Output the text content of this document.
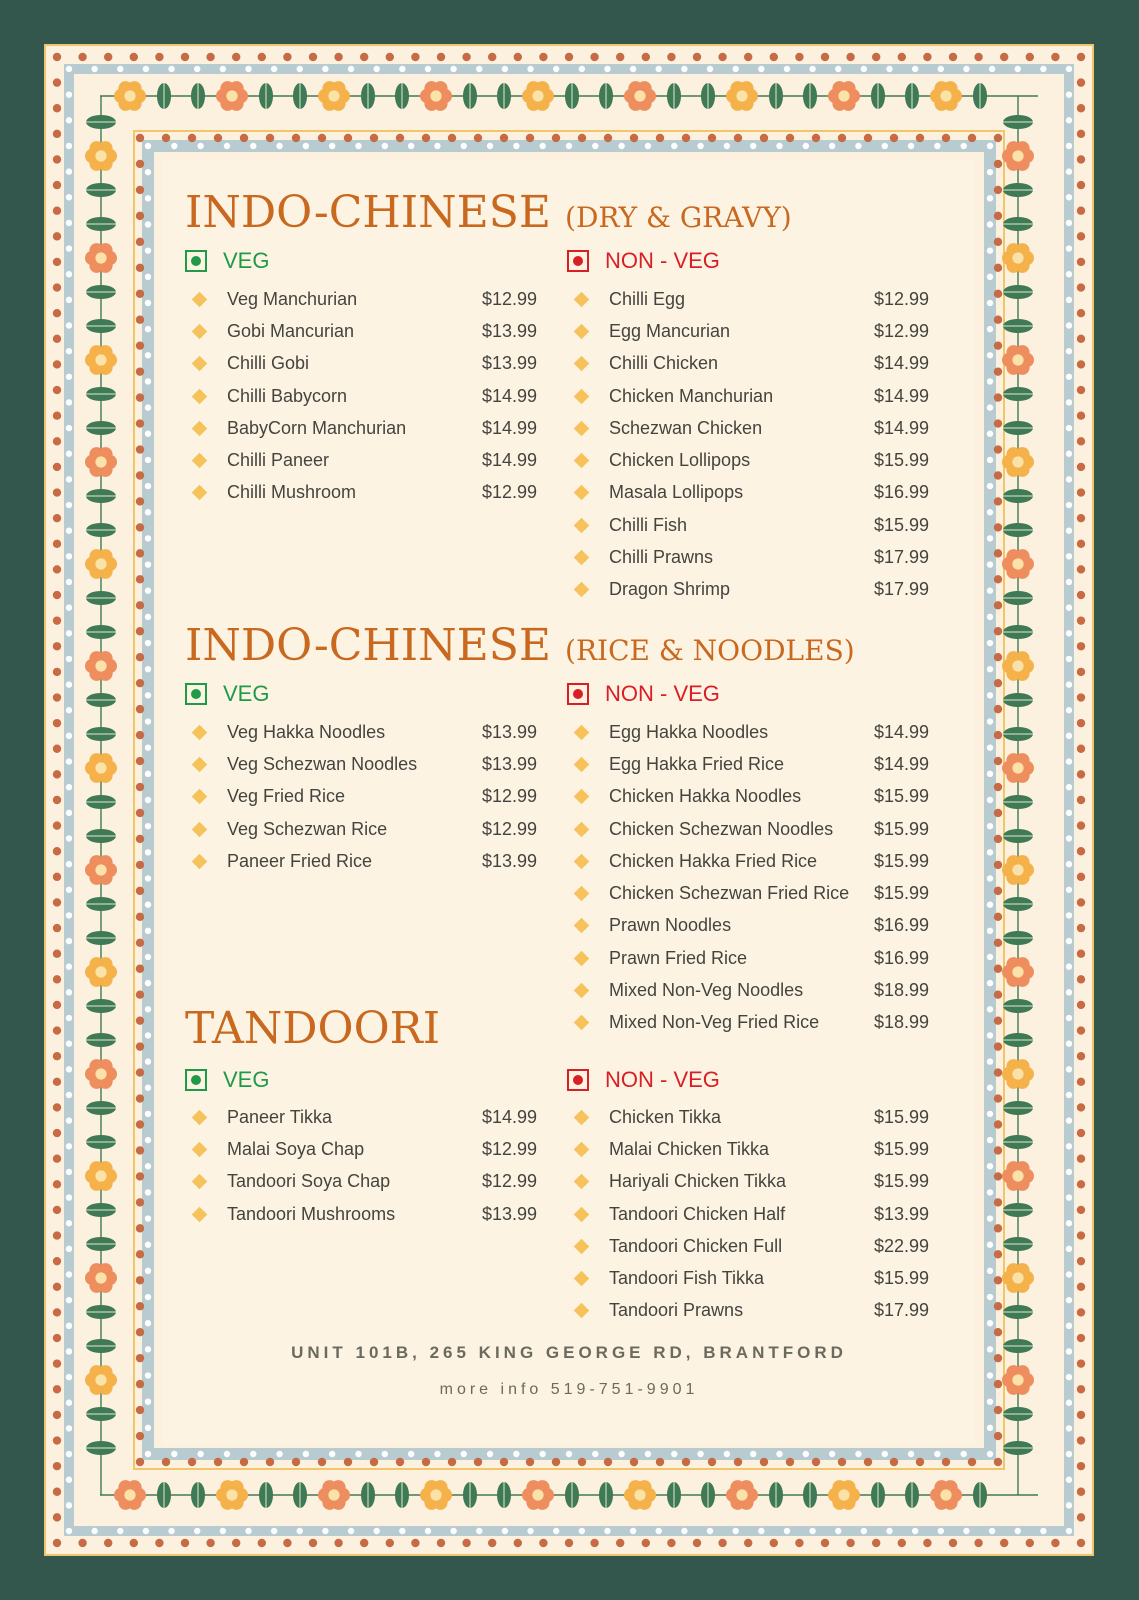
INDO-CHINESE (DRY & GRAVY)
VEG
Veg Manchurian	$12.99
Gobi Mancurian	$13.99
Chilli Gobi	$13.99
Chilli Babycorn	$14.99
BabyCorn Manchurian	$14.99
Chilli Paneer	$14.99
Chilli Mushroom	$12.99
NON - VEG
Chilli Egg	$12.99
Egg Mancurian	$12.99
Chilli Chicken	$14.99
Chicken Manchurian	$14.99
Schezwan Chicken	$14.99
Chicken Lollipops	$15.99
Masala Lollipops	$16.99
Chilli Fish	$15.99
Chilli Prawns	$17.99
Dragon Shrimp	$17.99
INDO-CHINESE (RICE & NOODLES)
VEG
Veg Hakka Noodles	$13.99
Veg Schezwan Noodles	$13.99
Veg Fried Rice	$12.99
Veg Schezwan Rice	$12.99
Paneer Fried Rice	$13.99
NON - VEG
Egg Hakka Noodles	$14.99
Egg Hakka Fried Rice	$14.99
Chicken Hakka Noodles	$15.99
Chicken Schezwan Noodles	$15.99
Chicken Hakka Fried Rice	$15.99
Chicken Schezwan Fried Rice	$15.99
Prawn Noodles	$16.99
Prawn Fried Rice	$16.99
Mixed Non-Veg Noodles	$18.99
Mixed Non-Veg Fried Rice	$18.99
TANDOORI
VEG
Paneer Tikka	$14.99
Malai Soya Chap	$12.99
Tandoori Soya Chap	$12.99
Tandoori Mushrooms	$13.99
NON - VEG
Chicken Tikka	$15.99
Malai Chicken Tikka	$15.99
Hariyali Chicken Tikka	$15.99
Tandoori Chicken Half	$13.99
Tandoori Chicken Full	$22.99
Tandoori Fish Tikka	$15.99
Tandoori Prawns	$17.99
UNIT 101B, 265 KING GEORGE RD, BRANTFORD
more info 519-751-9901
